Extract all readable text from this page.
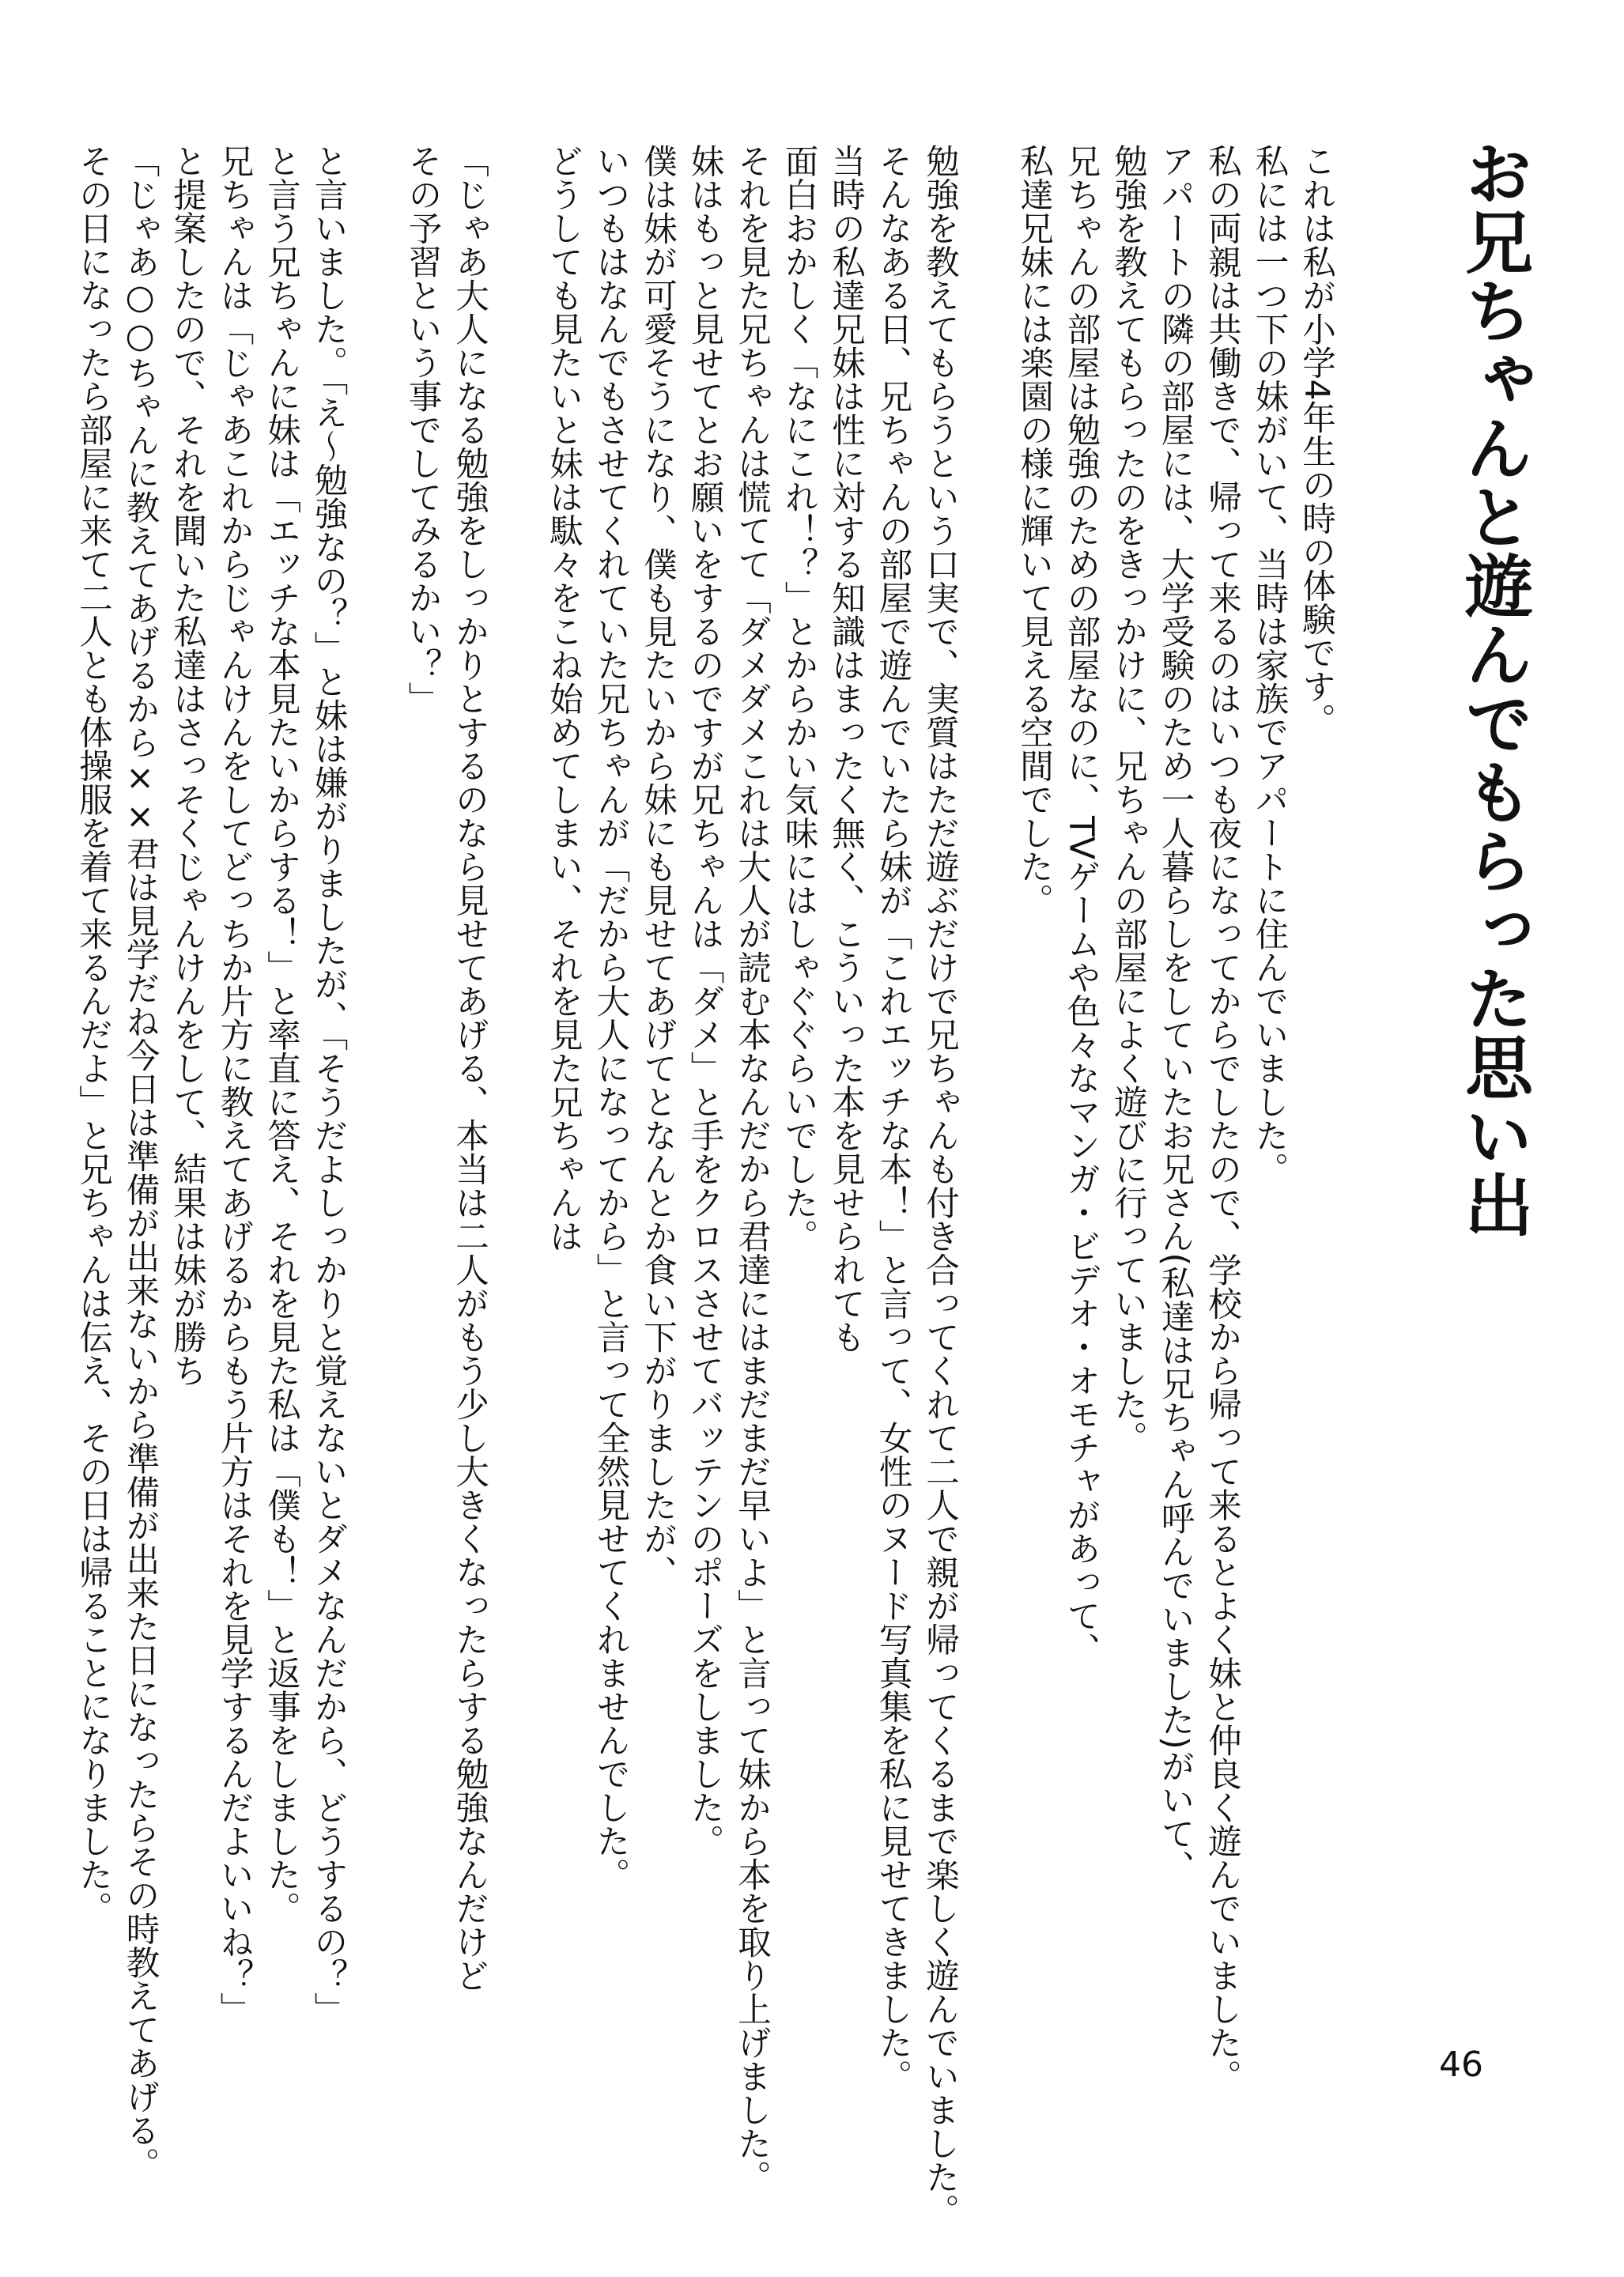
お兄ちゃんと遊んでもらった思い出
これは私が小学4年生の時の体験です。
私には一つ下の妹がいて、当時は家族でアパートに住んでいました。
私の両親は共働きで、帰って来るのはいつも夜になってからでしたので、学校から帰って来るとよく妹と仲良く遊んでいました。
アパートの隣の部屋には、大学受験のため一人暮らしをしていたお兄さん(私達は兄ちゃん呼んでいました)がいて、
勉強を教えてもらったのをきっかけに、兄ちゃんの部屋によく遊びに行っていました。
兄ちゃんの部屋は勉強のための部屋なのに、TVゲームや色々なマンガ・ビデオ・オモチャがあって、
私達兄妹には楽園の様に輝いて見える空間でした。
勉強を教えてもらうという口実で、実質はただ遊ぶだけで兄ちゃんも付き合ってくれて二人で親が帰ってくるまで楽しく遊んでいました。
そんなある日、兄ちゃんの部屋で遊んでいたら妹が「これエッチな本！」と言って、女性のヌード写真集を私に見せてきました。
当時の私達兄妹は性に対する知識はまったく無く、こういった本を見せられても
面白おかしく「なにこれ！？」とからかい気味にはしゃぐぐらいでした。
それを見た兄ちゃんは慌てて「ダメダメこれは大人が読む本なんだから君達にはまだまだ早いよ」と言って妹から本を取り上げました。
妹はもっと見せてとお願いをするのですが兄ちゃんは「ダメ」と手をクロスさせてバッテンのポーズをしました。
僕は妹が可愛そうになり、僕も見たいから妹にも見せてあげてとなんとか食い下がりましたが、
いつもはなんでもさせてくれていた兄ちゃんが「だから大人になってから」と言って全然見せてくれませんでした。
どうしても見たいと妹は駄々をこね始めてしまい、それを見た兄ちゃんは
「じゃあ大人になる勉強をしっかりとするのなら見せてあげる、本当は二人がもう少し大きくなったらする勉強なんだけど
その予習という事でしてみるかい？」
と言いました。「え〜勉強なの？」と妹は嫌がりましたが、「そうだよしっかりと覚えないとダメなんだから、どうするの？」
と言う兄ちゃんに妹は「エッチな本見たいからする！」と率直に答え、それを見た私は「僕も！」と返事をしました。
兄ちゃんは「じゃあこれからじゃんけんをしてどっちか片方に教えてあげるからもう片方はそれを見学するんだよいいね？」
と提案したので、それを聞いた私達はさっそくじゃんけんをして、結果は妹が勝ち
「じゃあ○○ちゃんに教えてあげるから××君は見学だね今日は準備が出来ないから準備が出来た日になったらその時教えてあげる。
その日になったら部屋に来て二人とも体操服を着て来るんだよ」と兄ちゃんは伝え、その日は帰ることになりました。
46
